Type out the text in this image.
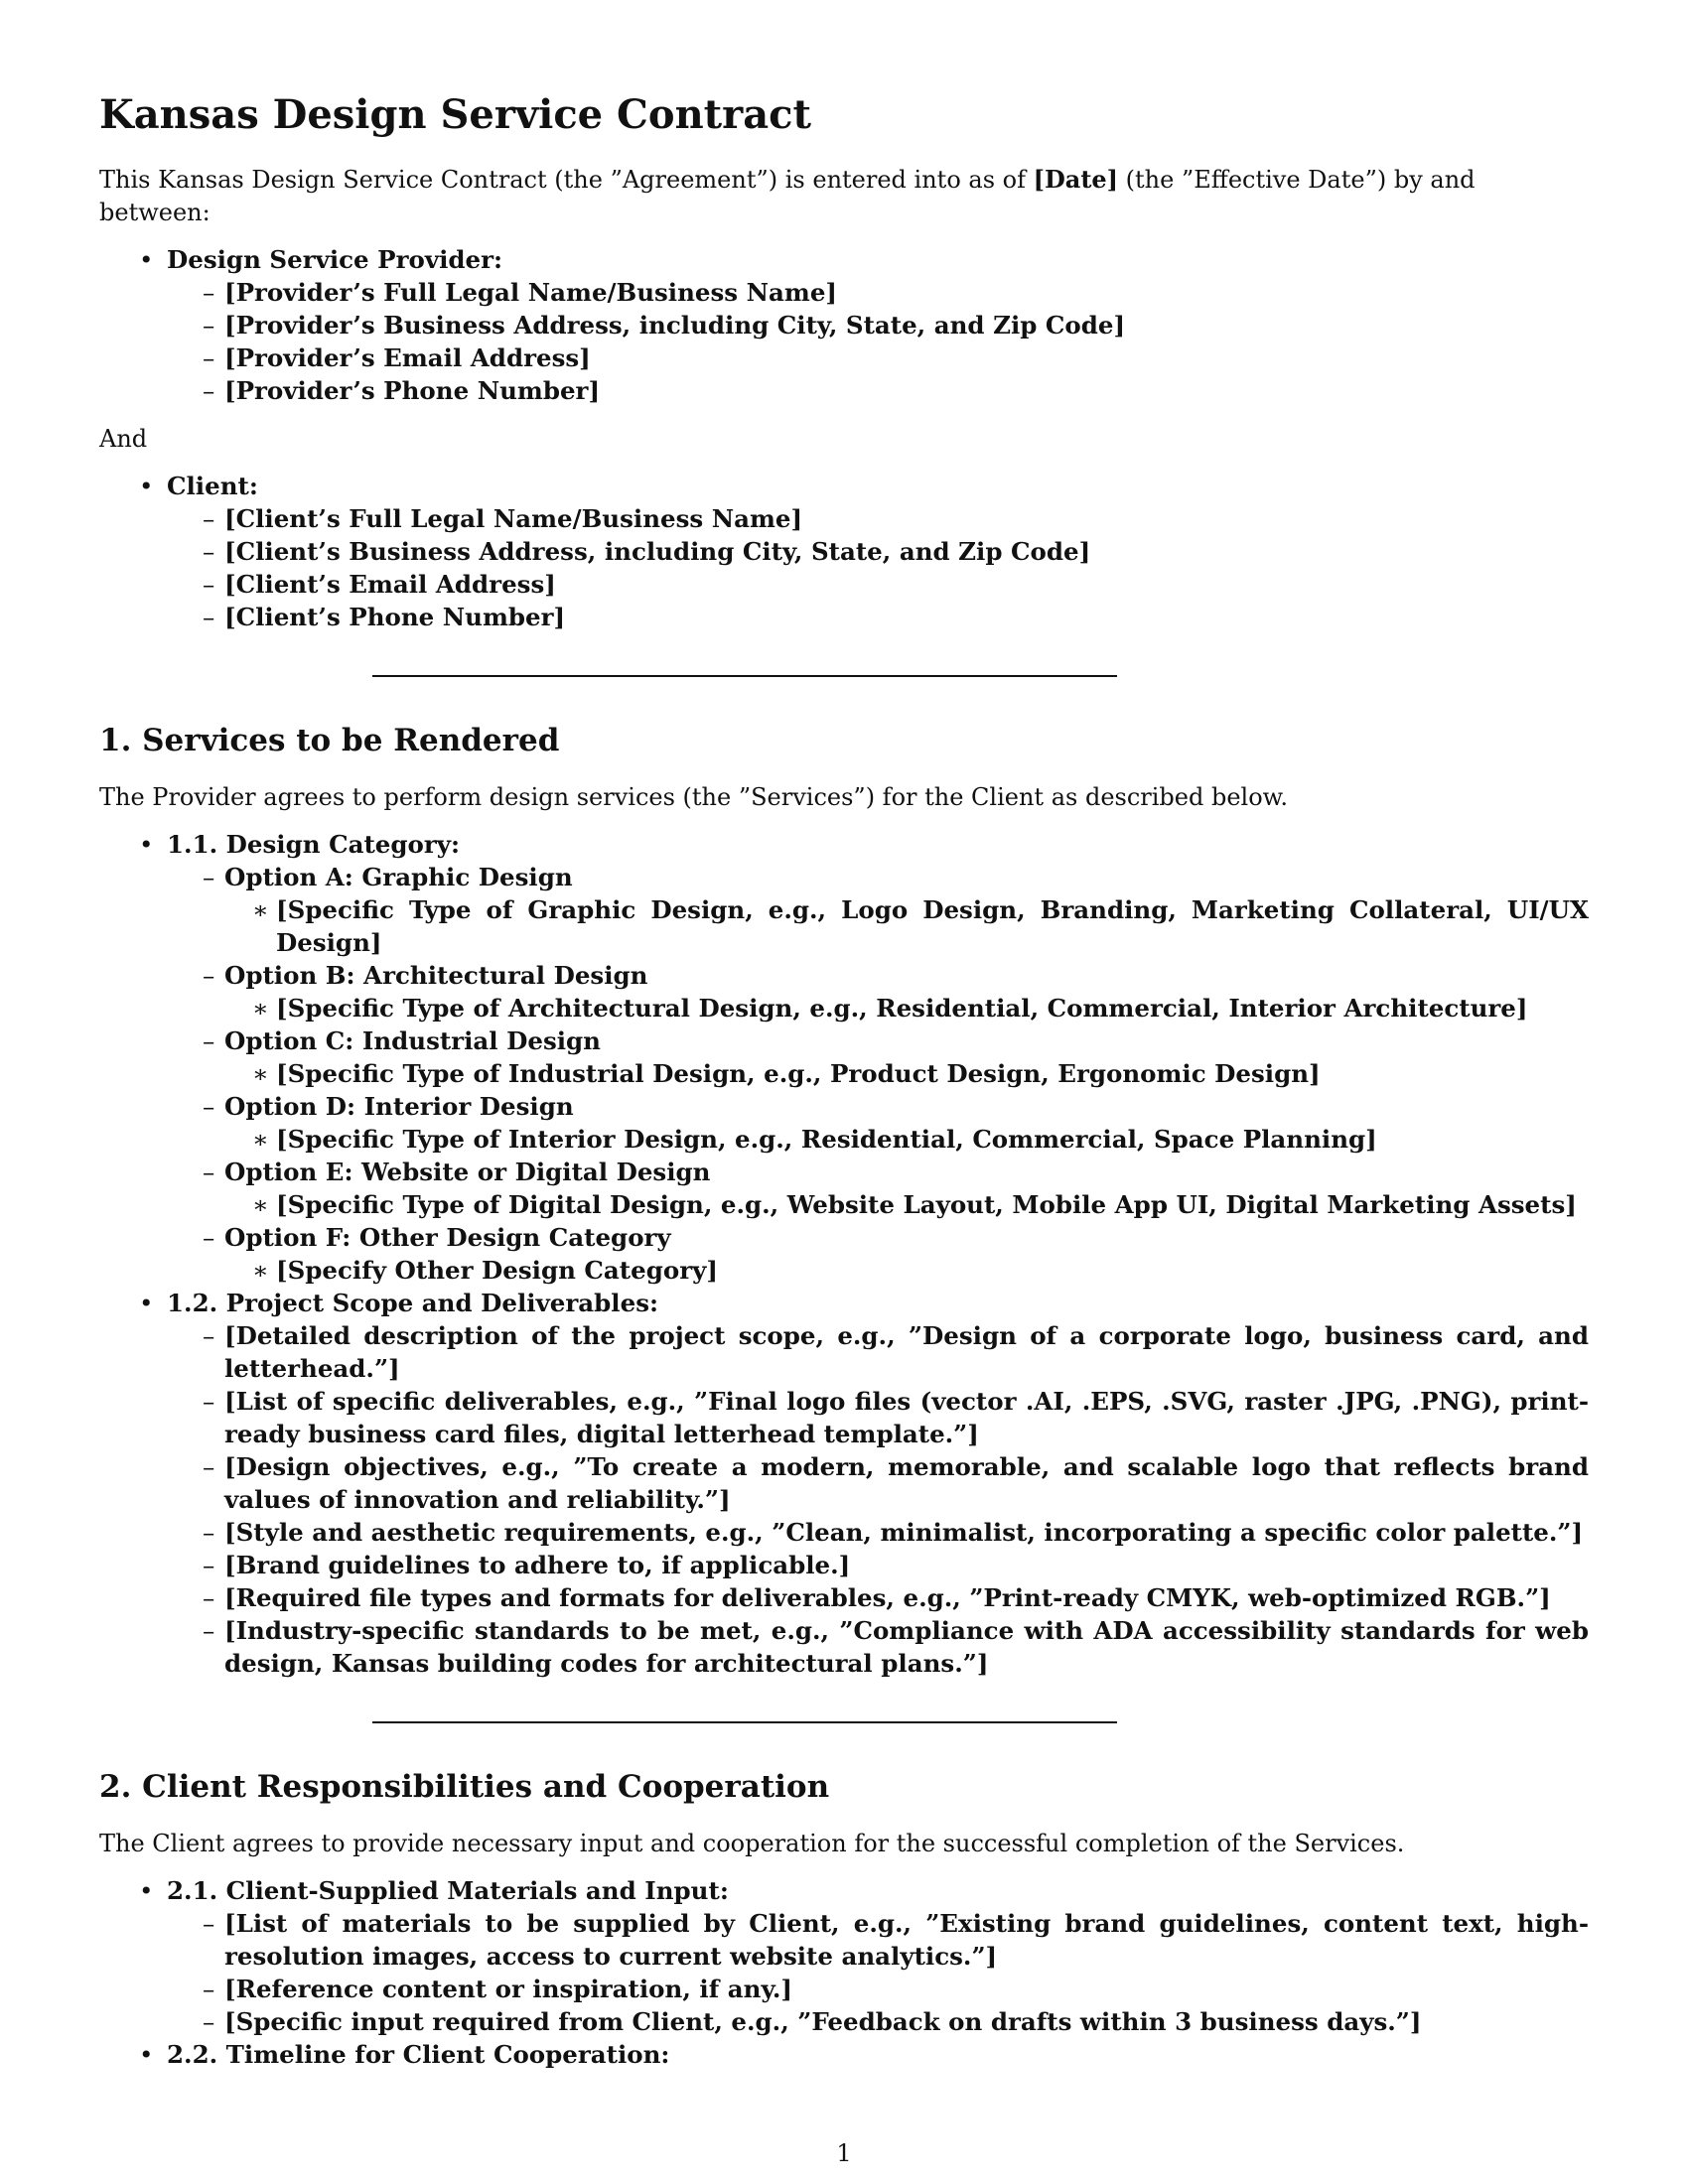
Kansas Design Service Contract

This Kansas Design Service Contract (the ”Agreement”) is entered into as of [Date] (the ”Effective Date”) by and between:

• Design Service Provider:
– [Provider’s Full Legal Name/Business Name]
– [Provider’s Business Address, including City, State, and Zip Code]
– [Provider’s Email Address]
– [Provider’s Phone Number]

And

• Client:
– [Client’s Full Legal Name/Business Name]
– [Client’s Business Address, including City, State, and Zip Code]
– [Client’s Email Address]
– [Client’s Phone Number]
1. Services to be Rendered

The Provider agrees to perform design services (the ”Services”) for the Client as described below.

• 1.1. Design Category:
– Option A: Graphic Design
∗ [Specific Type of Graphic Design, e.g., Logo Design, Branding, Marketing Collateral, UI/UX Design]
– Option B: Architectural Design
∗ [Specific Type of Architectural Design, e.g., Residential, Commercial, Interior Architecture]
– Option C: Industrial Design
∗ [Specific Type of Industrial Design, e.g., Product Design, Ergonomic Design]
– Option D: Interior Design
∗ [Specific Type of Interior Design, e.g., Residential, Commercial, Space Planning]
– Option E: Website or Digital Design
∗ [Specific Type of Digital Design, e.g., Website Layout, Mobile App UI, Digital Marketing Assets]
– Option F: Other Design Category
∗ [Specify Other Design Category]
• 1.2. Project Scope and Deliverables:
– [Detailed description of the project scope, e.g., ”Design of a corporate logo, business card, and letterhead.”]
– [List of specific deliverables, e.g., ”Final logo files (vector .AI, .EPS, .SVG, raster .JPG, .PNG), print-ready business card files, digital letterhead template.”]
– [Design objectives, e.g., ”To create a modern, memorable, and scalable logo that reflects brand values of innovation and reliability.”]
– [Style and aesthetic requirements, e.g., ”Clean, minimalist, incorporating a specific color palette.”]
– [Brand guidelines to adhere to, if applicable.]
– [Required file types and formats for deliverables, e.g., ”Print-ready CMYK, web-optimized RGB.”]
– [Industry-specific standards to be met, e.g., ”Compliance with ADA accessibility standards for web design, Kansas building codes for architectural plans.”]
2. Client Responsibilities and Cooperation

The Client agrees to provide necessary input and cooperation for the successful completion of the Services.

• 2.1. Client-Supplied Materials and Input:
– [List of materials to be supplied by Client, e.g., ”Existing brand guidelines, content text, high-resolution images, access to current website analytics.”]
– [Reference content or inspiration, if any.]
– [Specific input required from Client, e.g., ”Feedback on drafts within 3 business days.”]
• 2.2. Timeline for Client Cooperation:
1
